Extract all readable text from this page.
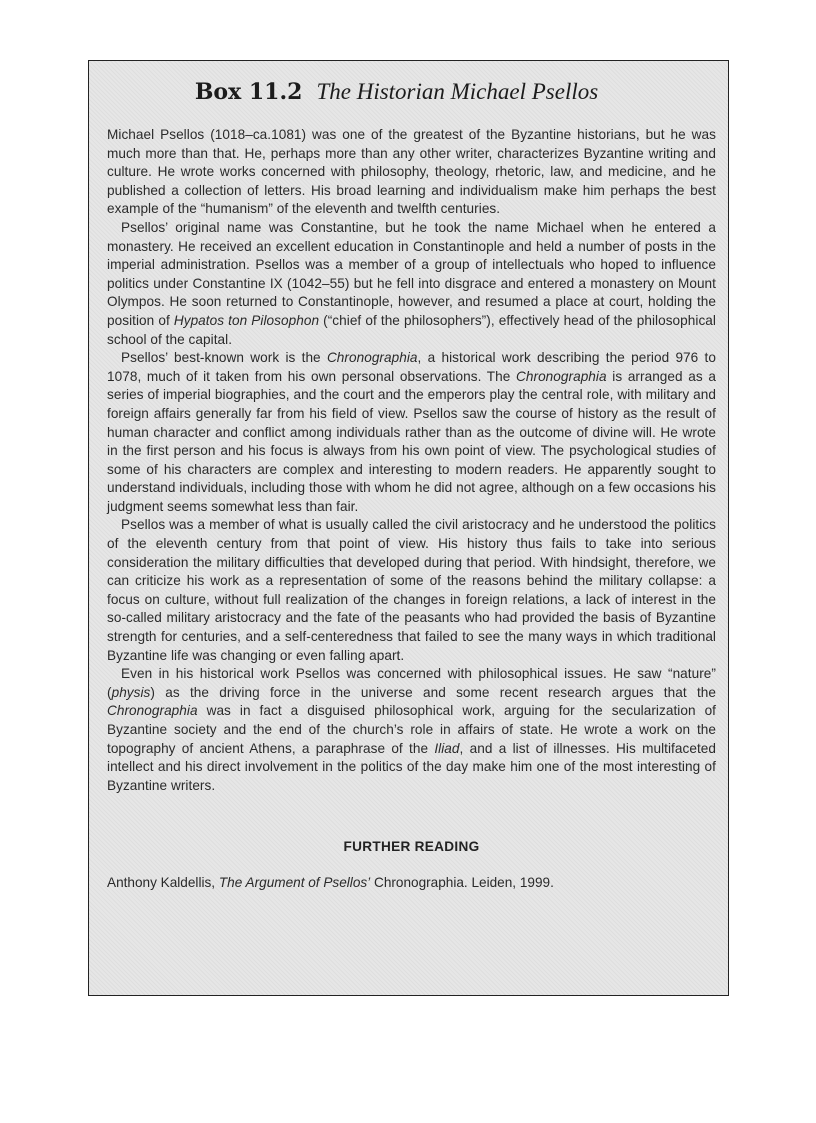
Box 11.2 The Historian Michael Psellos

Michael Psellos (1018–ca.1081) was one of the greatest of the Byzantine historians, but he was much more than that. He, perhaps more than any other writer, characterizes Byzantine writing and culture. He wrote works concerned with philosophy, theology, rhetoric, law, and medicine, and he published a collection of letters. His broad learning and individualism make him perhaps the best example of the “humanism” of the eleventh and twelfth centuries.

Psellos’ original name was Constantine, but he took the name Michael when he entered a monastery. He received an excellent education in Constantinople and held a number of posts in the imperial administration. Psellos was a member of a group of intellectuals who hoped to influence politics under Constantine IX (1042–55) but he fell into disgrace and entered a monastery on Mount Olympos. He soon returned to Constantinople, however, and resumed a place at court, holding the position of Hypatos ton Pilosophon (“chief of the philosophers”), effectively head of the philosophical school of the capital.

Psellos’ best-known work is the Chronographia, a historical work describing the period 976 to 1078, much of it taken from his own personal observations. The Chronographia is arranged as a series of imperial biographies, and the court and the emperors play the central role, with military and foreign affairs generally far from his field of view. Psellos saw the course of history as the result of human character and conflict among individuals rather than as the outcome of divine will. He wrote in the first person and his focus is always from his own point of view. The psychological studies of some of his characters are complex and interesting to modern readers. He apparently sought to understand individuals, including those with whom he did not agree, although on a few occasions his judgment seems somewhat less than fair.

Psellos was a member of what is usually called the civil aristocracy and he understood the politics of the eleventh century from that point of view. His history thus fails to take into serious consideration the military difficulties that developed during that period. With hindsight, therefore, we can criticize his work as a representation of some of the reasons behind the military collapse: a focus on culture, without full realization of the changes in foreign relations, a lack of interest in the so-called military aristocracy and the fate of the peasants who had provided the basis of Byzantine strength for centuries, and a self-centeredness that failed to see the many ways in which traditional Byzantine life was changing or even falling apart.

Even in his historical work Psellos was concerned with philosophical issues. He saw “nature” (physis) as the driving force in the universe and some recent research argues that the Chronographia was in fact a disguised philosophical work, arguing for the secularization of Byzantine society and the end of the church’s role in affairs of state. He wrote a work on the topography of ancient Athens, a paraphrase of the Iliad, and a list of illnesses. His multifaceted intellect and his direct involvement in the politics of the day make him one of the most interesting of Byzantine writers.

FURTHER READING
Anthony Kaldellis, The Argument of Psellos’ Chronographia. Leiden, 1999.
